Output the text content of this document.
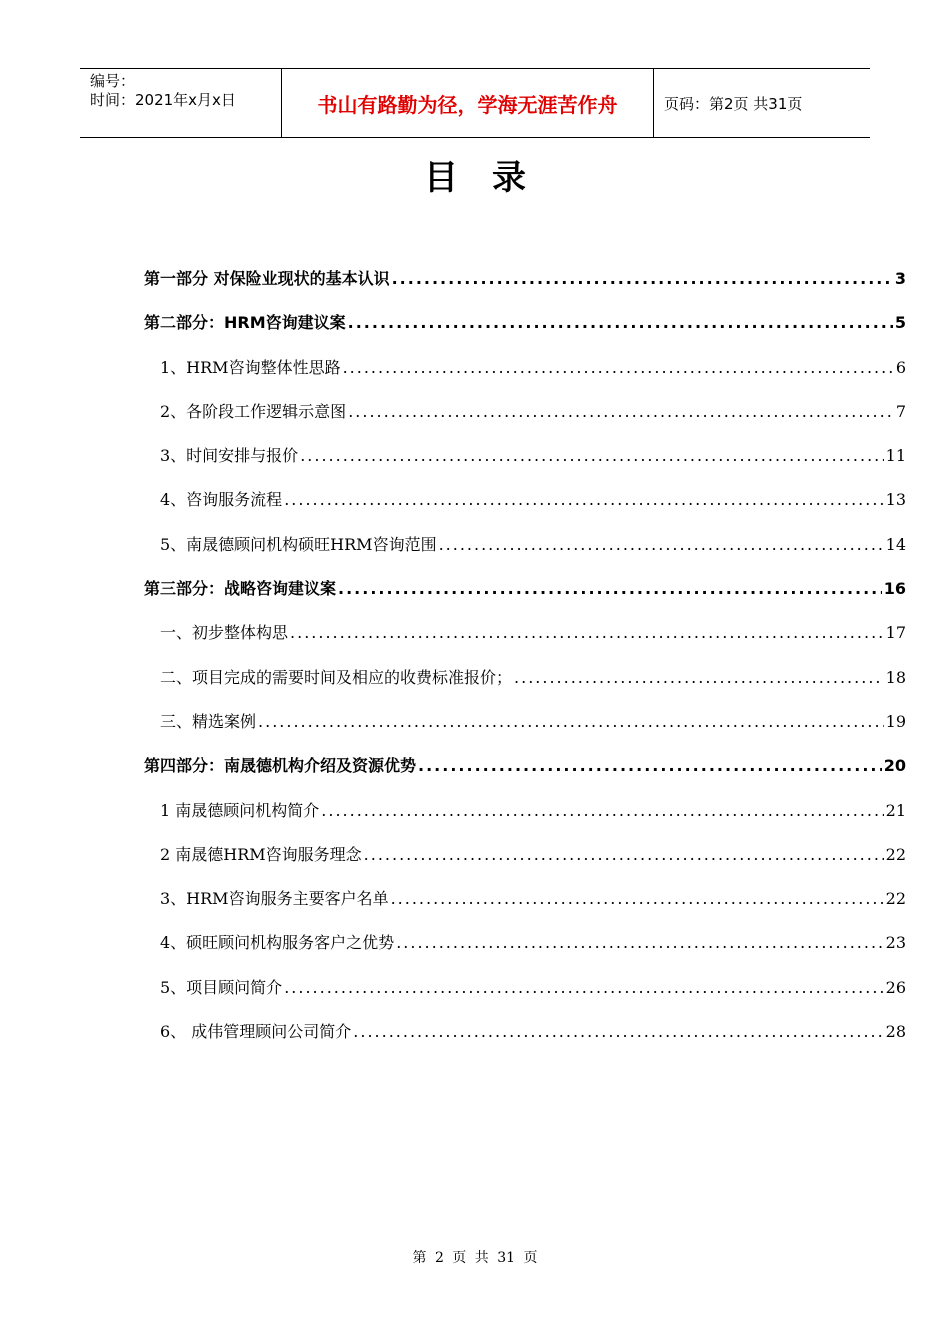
编号：
时间：2021年x月x日	书山有路勤为径，学海无涯苦作舟	页码：第2页 共31页
目录
第一部分 对保险业现状的基本认识 .....	3
第二部分：HRM咨询建议案 .....	5
1、HRM咨询整体性思路 .....	6
2、各阶段工作逻辑示意图 .....	7
3、时间安排与报价 .....	11
4、咨询服务流程 .....	13
5、南晟德顾问机构硕旺HRM咨询范围 .....	14
第三部分：战略咨询建议案 .....	16
一、初步整体构思 .....	17
二、项目完成的需要时间及相应的收费标准报价； .....	18
三、精选案例 .....	19
第四部分：南晟德机构介绍及资源优势 .....	20
1 南晟德顾问机构简介 .....	21
2 南晟德HRM咨询服务理念 .....	22
3、HRM咨询服务主要客户名单 .....	22
4、硕旺顾问机构服务客户之优势 .....	23
5、项目顾问简介 .....	26
6、 成伟管理顾问公司简介 .....	28
第 2 页 共 31 页
